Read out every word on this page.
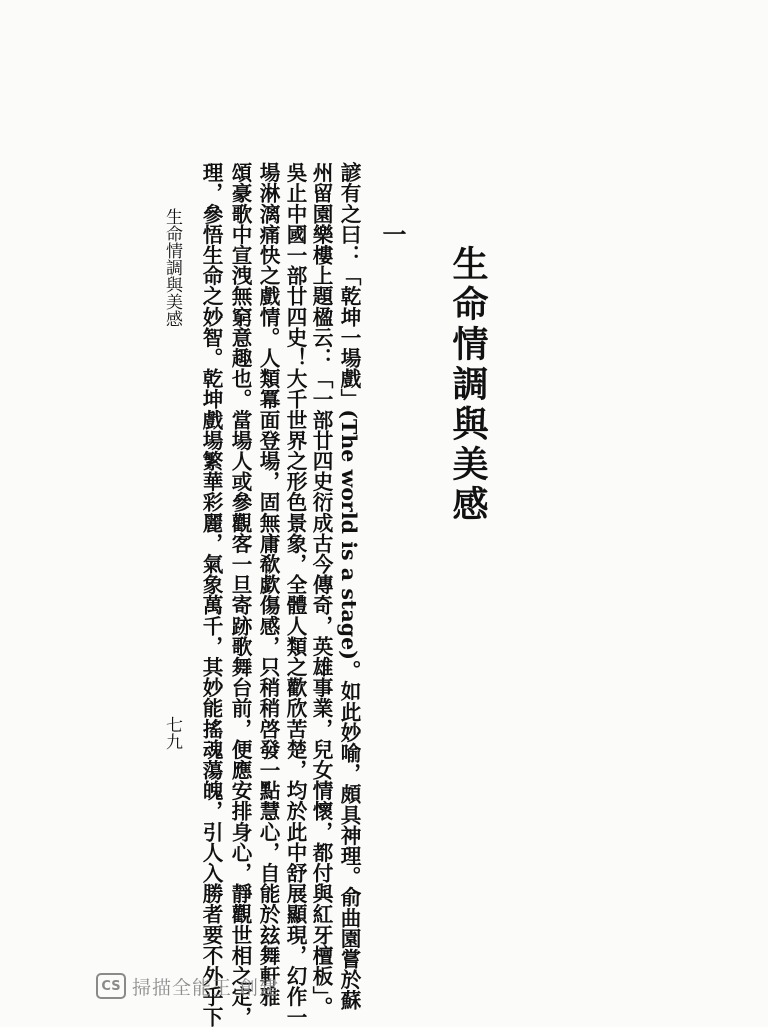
生命情調與美感
一
諺有之曰：「乾坤一場戲」(The world is a stage)。如此妙喻，頗具神理。俞曲園嘗於蘇
州留園樂樓上題楹云：「一部廿四史衍成古今傳奇，英雄事業，兒女情懷，都付與紅牙檀板」。
吳止中國一部廿四史！大千世界之形色景象，全體人類之歡欣苦楚，均於此中舒展顯現，幻作一
場淋漓痛快之戲情。人類冪面登場，固無庸欷歔傷感，只稍稍啓發一點慧心，自能於玆舞軒雅
頌豪歌中宣洩無窮意趣也。當場人或參觀客一旦寄跡歌舞台前，便應安排身心，靜觀世相之定，
理，參悟生命之妙智。乾坤戲場繁華彩麗，氣象萬千，其妙能搖魂蕩魄，引人入勝者要不外乎下
生命情調與美感
七九
CS 掃描全能王 創建
